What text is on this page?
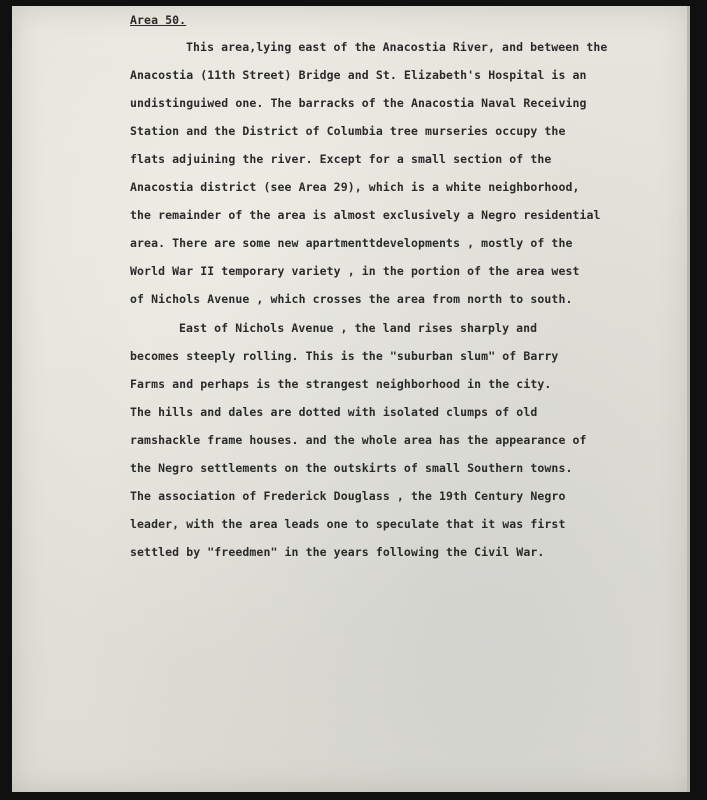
Area 50.
This area,lying east of the Anacostia River, and between the
Anacostia (11th Street) Bridge and St. Elizabeth's Hospital is an
undistinguiwed one. The barracks of the Anacostia Naval Receiving
Station and the District of Columbia tree murseries occupy the
flats adjuining the river. Except for a small section of the
Anacostia district (see Area 29), which is a white neighborhood,
the remainder of the area is almost exclusively a Negro residential
area. There are some new apartmenttdevelopments , mostly of the
World War II temporary variety , in the portion of the area west
of Nichols Avenue , which crosses the area from north to south.
East of Nichols Avenue , the land rises sharply and
becomes steeply rolling. This is the "suburban slum" of Barry
Farms and perhaps is the strangest neighborhood in the city.
The hills and dales are dotted with isolated clumps of old
ramshackle frame houses. and the whole area has the appearance of
the Negro settlements on the outskirts of small Southern towns.
The association of Frederick Douglass , the 19th Century Negro
leader, with the area leads one to speculate that it was first
settled by "freedmen" in the years following the Civil War.
